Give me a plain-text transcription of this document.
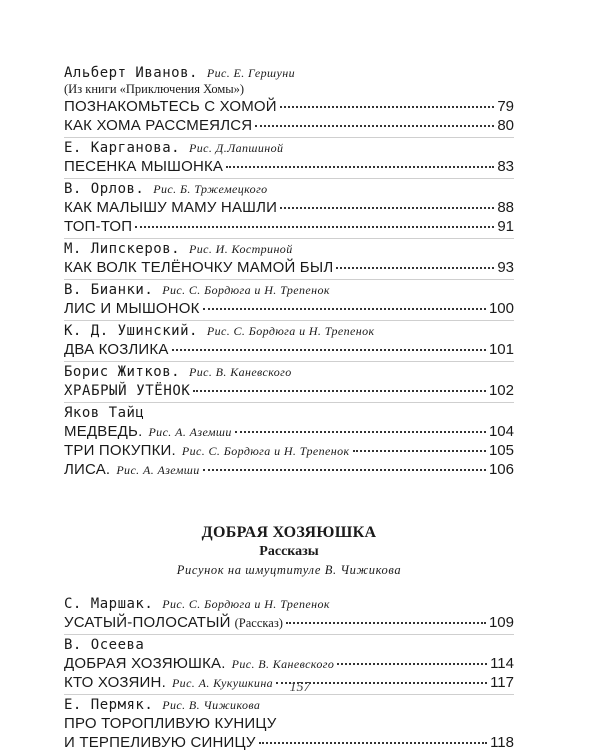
Альберт Иванов. Рис. Е. Гершуни
(Из книги «Приключения Хомы»)
ПОЗНАКОМЬТЕСЬ С ХОМОЙ	79
КАК ХОМА РАССМЕЯЛСЯ	80
Е. Карганова. Рис. Д.Лапшиной
ПЕСЕНКА МЫШОНКА	83
В. Орлов. Рис. Б. Тржемецкого
КАК МАЛЫШУ МАМУ НАШЛИ	88
ТОП-ТОП	91
М. Липскеров. Рис. И. Костриной
КАК ВОЛК ТЕЛЁНОЧКУ МАМОЙ БЫЛ	93
В. Бианки. Рис. С. Бордюга и Н. Трепенок
ЛИС И МЫШОНОК	100
К. Д. Ушинский. Рис. С. Бордюга и Н. Трепенок
ДВА КОЗЛИКА	101
Борис Житков. Рис. В. Каневского
ХРАБРЫЙ УТЁНОК	102
Яков Тайц
МЕДВЕДЬ. Рис. А. Аземши	104
ТРИ ПОКУПКИ. Рис. С. Бордюга и Н. Трепенок	105
ЛИСА. Рис. А. Аземши	106
ДОБРАЯ ХОЗЯЮШКА
Рассказы
Рисунок на шмуцтитуле В. Чижикова
С. Маршак. Рис. С. Бордюга и Н. Трепенок
УСАТЫЙ-ПОЛОСАТЫЙ (Рассказ)	109
В. Осеева
ДОБРАЯ ХОЗЯЮШКА. Рис. В. Каневского	114
КТО ХОЗЯИН. Рис. А. Кукушкина	117
Е. Пермяк. Рис. В. Чижикова
ПРО ТОРОПЛИВУЮ КУНИЦУ
И ТЕРПЕЛИВУЮ СИНИЦУ	118
157
